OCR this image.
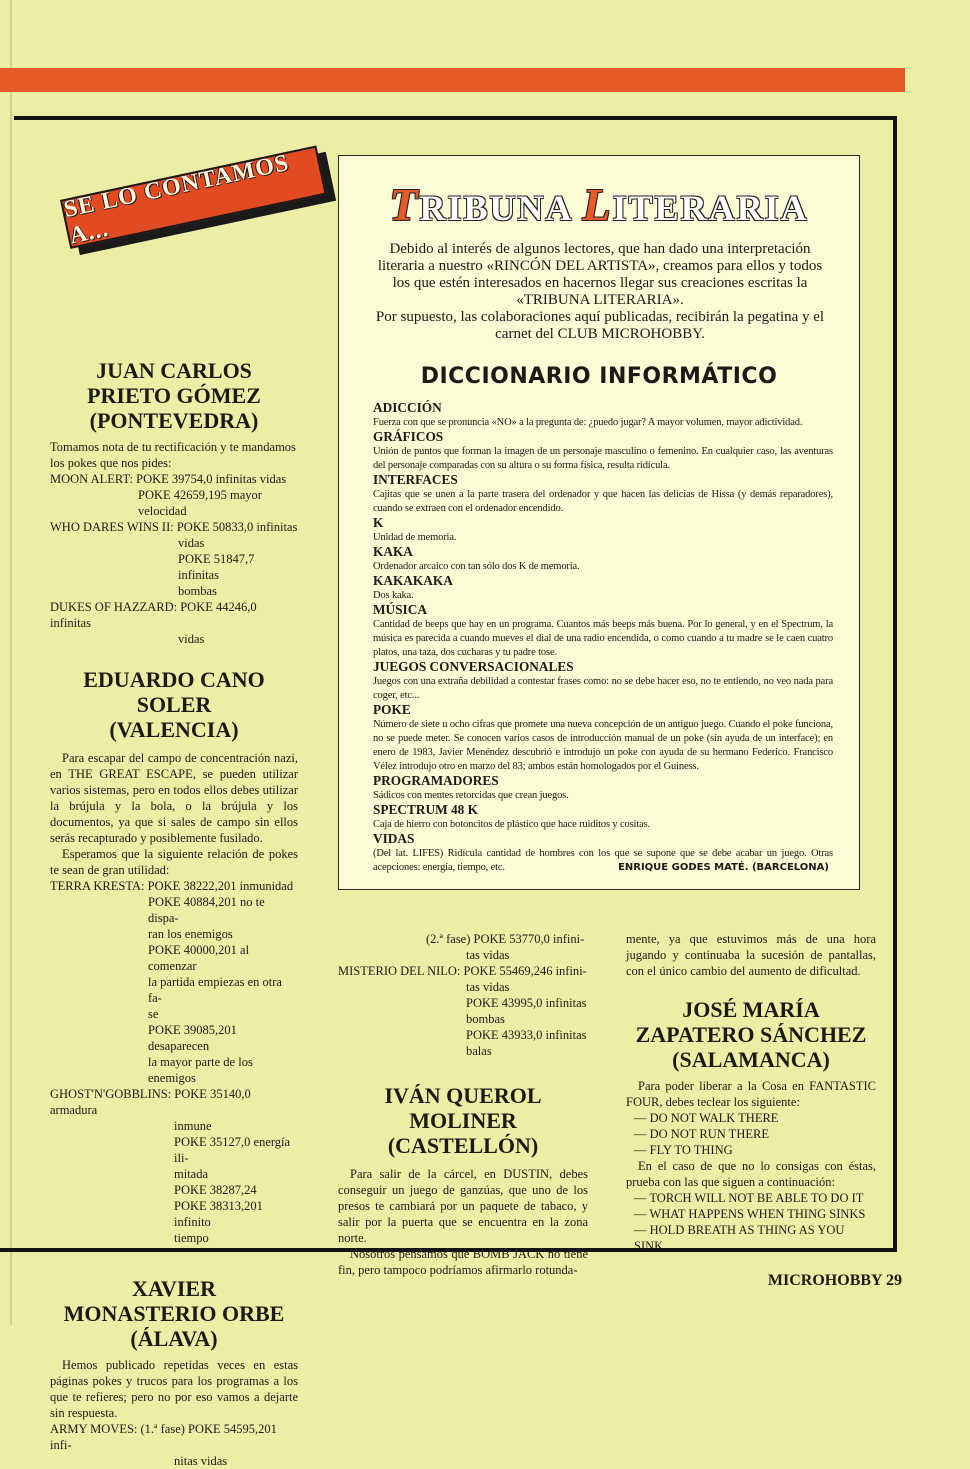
SE LO CONTAMOS A...

JUAN CARLOS

PRIETO GÓMEZ

(PONTEVEDRA)

Tomamos nota de tu rectificación y te mandamos

los pokes que nos pides:

MOON ALERT: POKE 39754,0 infinitas vidas

POKE 42659,195 mayor

velocidad

WHO DARES WINS II: POKE 50833,0 infinitas

vidas

POKE 51847,7 infinitas

bombas

DUKES OF HAZZARD: POKE 44246,0 infinitas

vidas

EDUARDO CANO SOLER

(VALENCIA)

Para escapar del campo de concentración nazi, en THE GREAT ESCAPE, se pueden utilizar varios sistemas, pero en todos ellos debes utilizar la brújula y la bola, o la brújula y los documentos, ya que si sales de campo sin ellos serás recapturado y posiblemente fusilado.

Esperamos que la siguiente relación de pokes te sean de gran utilidad:

TERRA KRESTA: POKE 38222,201 inmunidad

POKE 40884,201 no te dispa-

ran los enemigos

POKE 40000,201 al comenzar

la partida empiezas en otra fa-

se

POKE 39085,201 desaparecen

la mayor parte de los enemigos

GHOST'N'GOBBLINS: POKE 35140,0 armadura

inmune

POKE 35127,0 energía ili-

mitada

POKE 38287,24

POKE 38313,201 infinito

tiempo

XAVIER

MONASTERIO ORBE

(ÁLAVA)

Hemos publicado repetidas veces en estas páginas pokes y trucos para los programas a los que te refieres; pero no por eso vamos a dejarte sin respuesta.

ARMY MOVES: (1.ª fase) POKE 54595,201 infi-

nitas vidas

TRIBUNA LITERARIA

Debido al interés de algunos lectores, que han dado una interpretación literaria a nuestro «RINCÓN DEL ARTISTA», creamos para ellos y todos los que estén interesados en hacernos llegar sus creaciones escritas la «TRIBUNA LITERARIA».

Por supuesto, las colaboraciones aquí publicadas, recibirán la pegatina y el carnet del CLUB MICROHOBBY.

DICCIONARIO INFORMÁTICO

ADICCIÓN

Fuerza con que se pronuncia «NO» a la pregunta de: ¿puedo jugar? A mayor volumen, mayor adictividad.

GRÁFICOS

Unión de puntos que forman la imagen de un personaje masculino o femenino. En cualquier caso, las aventuras del personaje comparadas con su altura o su forma física, resulta ridícula.

INTERFACES

Cajitas que se unen a la parte trasera del ordenador y que hacen las delicias de Hissa (y demás reparadores), cuando se extraen con el ordenador encendido.

K

Unidad de memoria.

KAKA

Ordenador arcaico con tan sólo dos K de memoria.

KAKAKAKA

Dos kaka.

MÚSICA

Cantidad de beeps que hay en un programa. Cuantos más beeps más buena. Por lo general, y en el Spectrum, la música es parecida a cuando mueves el dial de una radio encendida, o como cuando a tu madre se le caen cuatro platos, una taza, dos cucharas y tu padre tose.

JUEGOS CONVERSACIONALES

Juegos con una extraña debilidad a contestar frases como: no se debe hacer eso, no te entiendo, no veo nada para coger, etc...

POKE

Número de siete u ocho cifras que promete una nueva concepción de un antiguo juego. Cuando el poke funciona, no se puede meter. Se conocen varios casos de introducción manual de un poke (sin ayuda de un interface); en enero de 1983, Javier Menéndez descubrió e introdujo un poke con ayuda de su hermano Federico. Francisco Vélez introdujo otro en marzo del 83; ambos están homologados por el Guiness.

PROGRAMADORES

Sádicos con mentes retorcidas que crean juegos.

SPECTRUM 48 K

Caja de hierro con botoncitos de plástico que hace ruiditos y cositas.

VIDAS

(Del lat. LIFES) Ridícula cantidad de hombres con los que se supone que se debe acabar un juego. Otras acepciones: energía, tiempo, etc.	ENRIQUE GODES MATÉ. (BARCELONA)

(2.ª fase) POKE 53770,0 infini-

tas vidas

MISTERIO DEL NILO: POKE 55469,246 infini-

tas vidas

POKE 43995,0 infinitas

bombas

POKE 43933,0 infinitas

balas

IVÁN QUEROL MOLINER

(CASTELLÓN)

Para salir de la cárcel, en DUSTIN, debes conseguir un juego de ganzúas, que uno de los presos te cambiará por un paquete de tabaco, y salir por la puerta que se encuentra en la zona norte.

Nosotros pensamos que BOMB JACK no tiene fin, pero tampoco podríamos afirmarlo rotunda-

mente, ya que estuvimos más de una hora jugando y continuaba la sucesión de pantallas, con el único cambio del aumento de dificultad.

JOSÉ MARÍA

ZAPATERO SÁNCHEZ

(SALAMANCA)

Para poder liberar a la Cosa en FANTASTIC FOUR, debes teclear los siguiente:

— DO NOT WALK THERE

— DO NOT RUN THERE

— FLY TO THING

En el caso de que no lo consigas con éstas, prueba con las que siguen a continuación:

— TORCH WILL NOT BE ABLE TO DO IT

— WHAT HAPPENS WHEN THING SINKS

— HOLD BREATH AS THING AS YOU SINK

MICROHOBBY 29
